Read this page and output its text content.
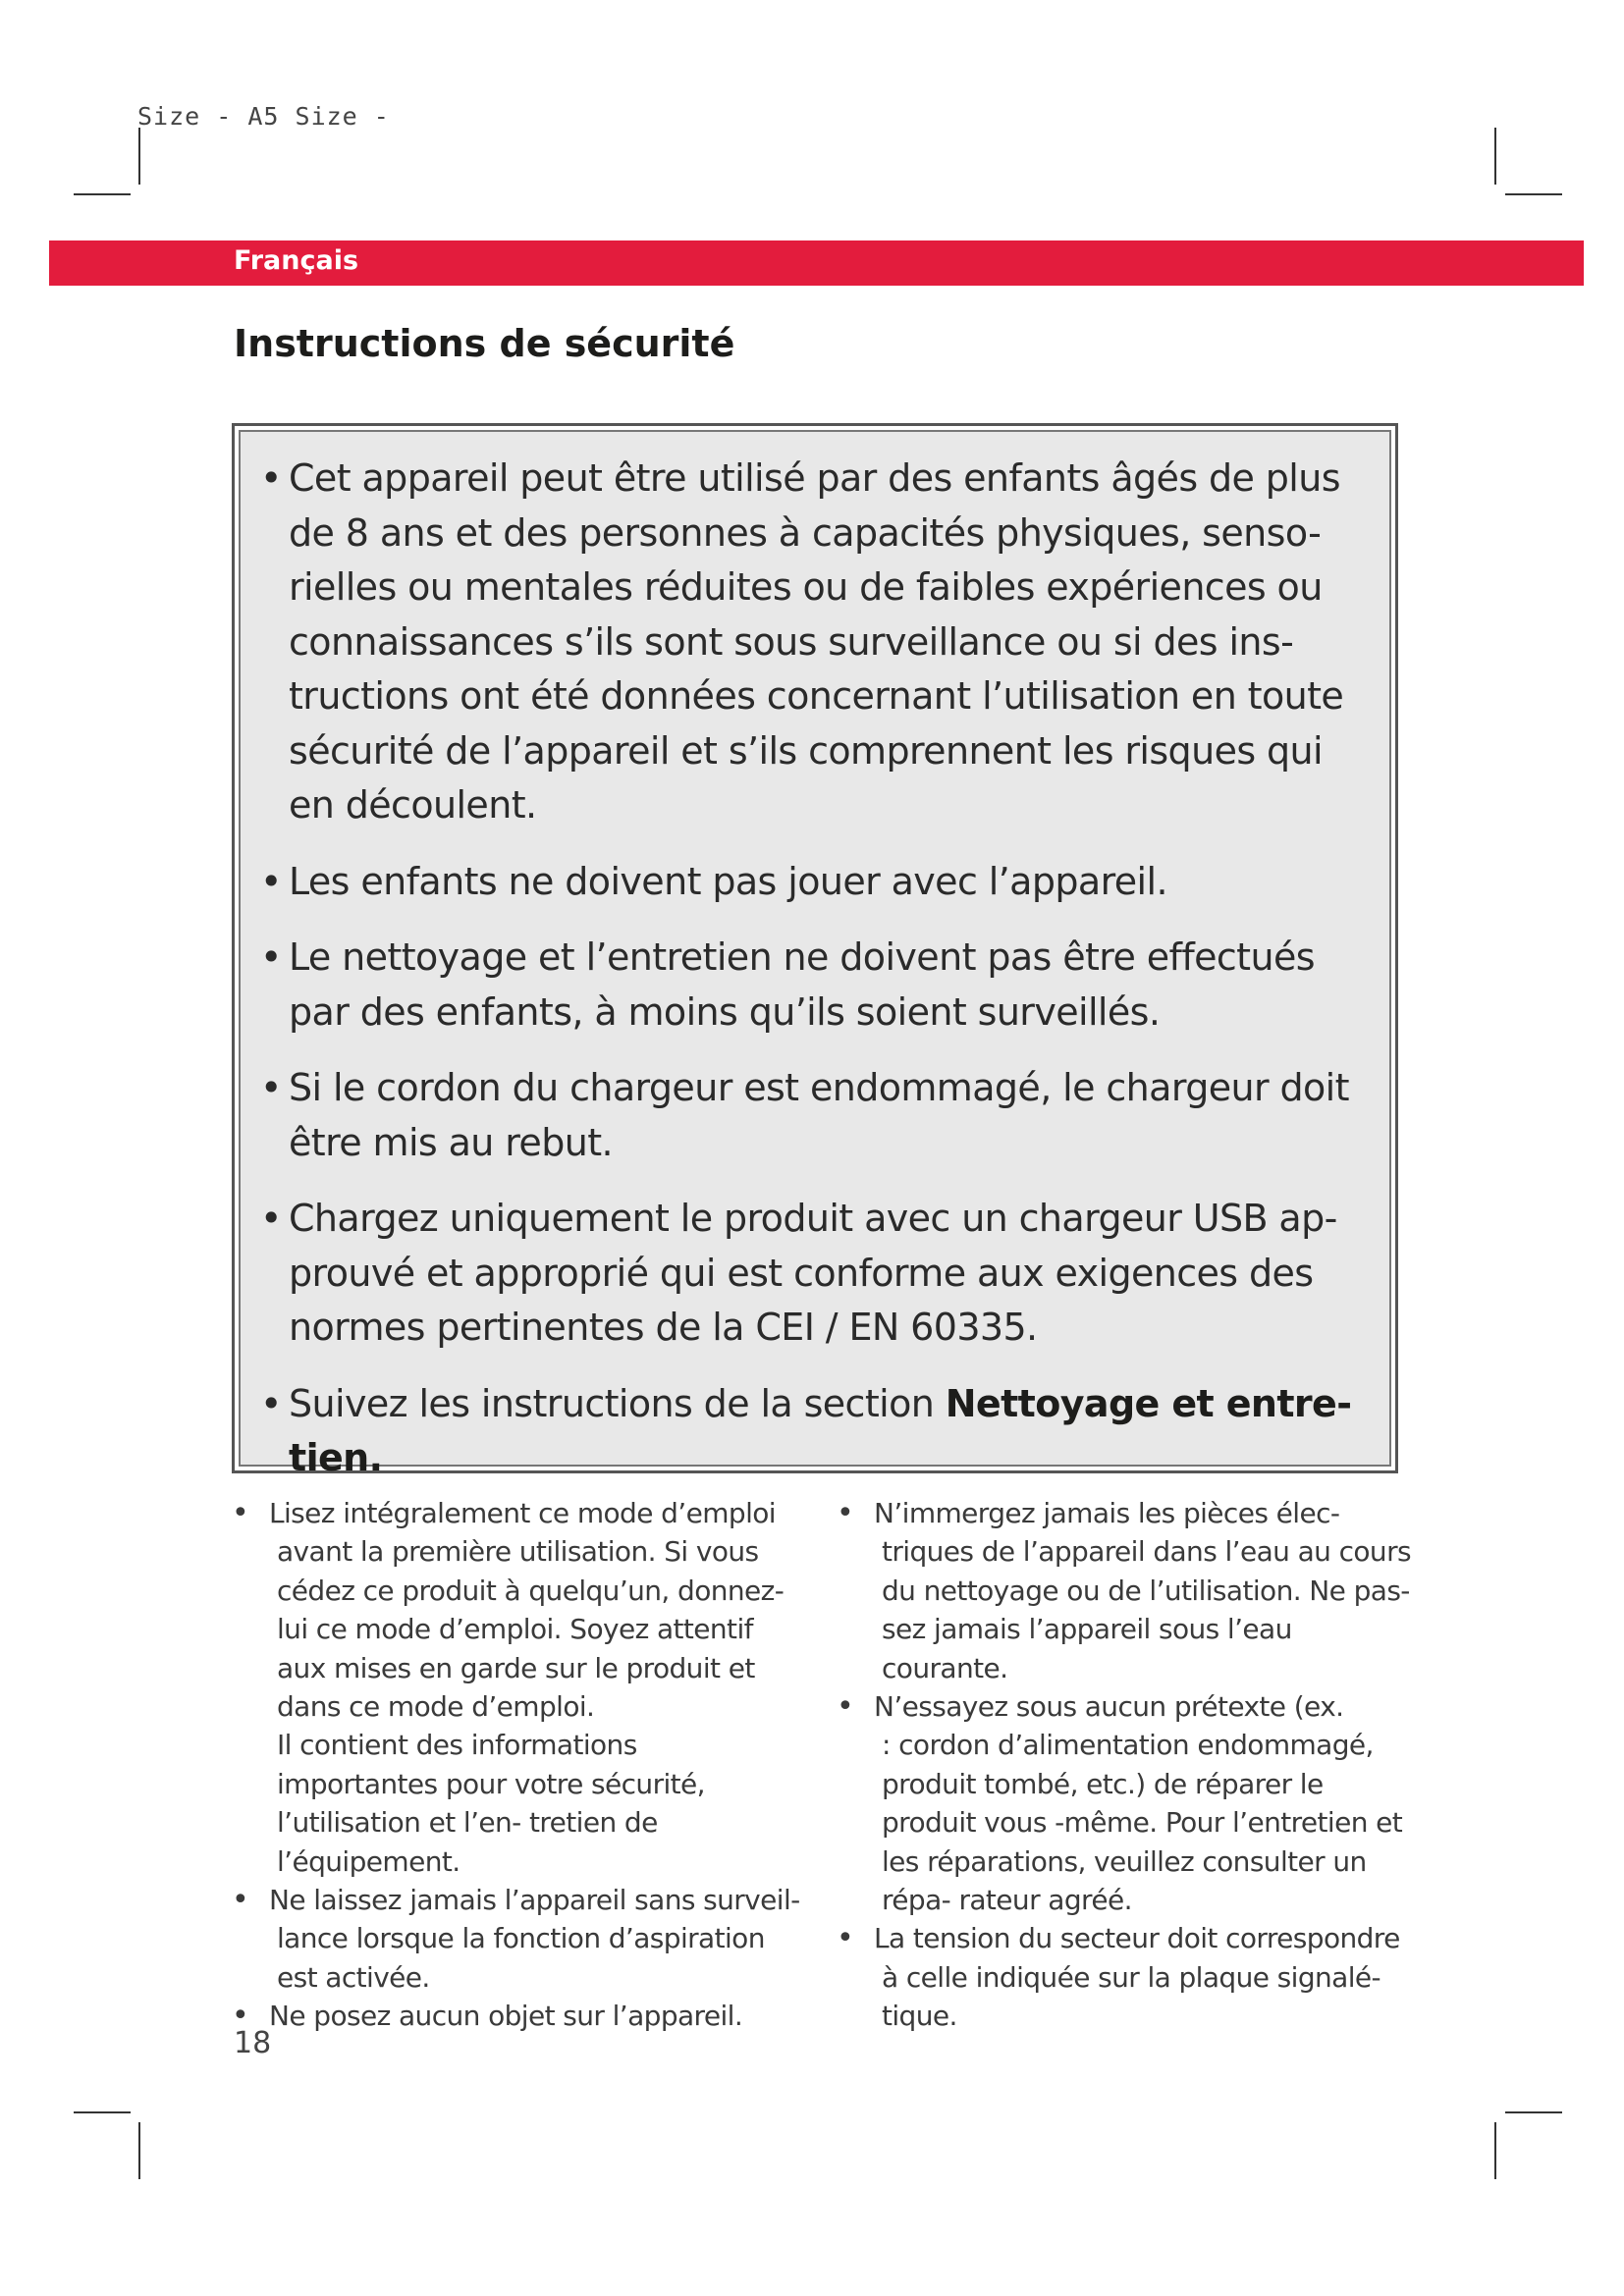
Size - A5 Size -
Français
Instructions de sécurité
• Cet appareil peut être utilisé par des enfants âgés de plus de 8 ans et des personnes à capacités physiques, senso- rielles ou mentales réduites ou de faibles expériences ou connaissances s’ils sont sous surveillance ou si des ins- tructions ont été données concernant l’utilisation en toute sécurité de l’appareil et s’ils comprennent les risques qui en découlent.
• Les enfants ne doivent pas jouer avec l’appareil.
• Le nettoyage et l’entretien ne doivent pas être effectués par des enfants, à moins qu’ils soient surveillés.
• Si le cordon du chargeur est endommagé, le chargeur doit être mis au rebut.
• Chargez uniquement le produit avec un chargeur USB ap- prouvé et approprié qui est conforme aux exigences des normes pertinentes de la CEI / EN 60335.
• Suivez les instructions de la section Nettoyage et entre- tien.
• Lisez intégralement ce mode d’emploi
avant la première utilisation. Si vous cédez ce produit à quelqu’un, donnez-lui ce mode d’emploi. Soyez attentif aux mises en garde sur le produit et dans ce mode d’emploi.
Il contient des informations importantes pour votre sécurité, l’utilisation et l’en- tretien de l’équipement.
• Ne laissez jamais l’appareil sans surveil-
lance lorsque la fonction d’aspiration est activée.
• Ne posez aucun objet sur l’appareil.
• N’immergez jamais les pièces élec-
triques de l’appareil dans l’eau au cours du nettoyage ou de l’utilisation. Ne pas- sez jamais l’appareil sous l’eau courante.
• N’essayez sous aucun prétexte (ex.
: cordon d’alimentation endommagé, produit tombé, etc.) de réparer le produit vous -même. Pour l’entretien et les réparations, veuillez consulter un répa- rateur agréé.
• La tension du secteur doit correspondre
à celle indiquée sur la plaque signalé- tique.
18
